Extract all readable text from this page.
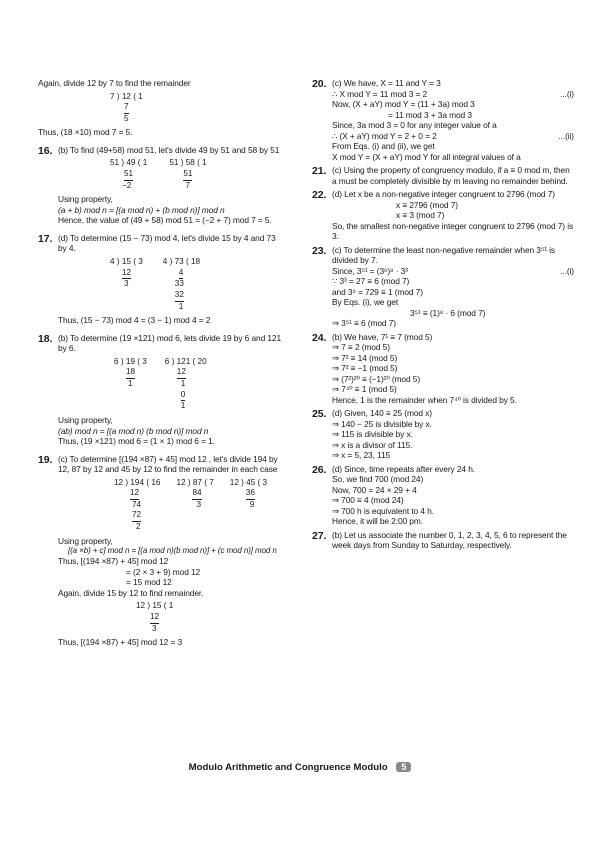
Again, divide 12 by 7 to find the remainder
7 ) 12 ( 1
7
5
Thus, (18 ×10) mod 7 = 5.
16. (b) To find (49+58) mod 51, let's divide 49 by 51 and 58 by 51
51 ) 49 ( 1
51
−2
51 ) 58 ( 1
51
7
Using property,
(a + b) mod n = [(a mod n) + (b mod n)] mod n
Hence, the value of (49 + 58) mod 51 = (−2 + 7) mod 7 = 5.
17. (d) To determine (15 − 73) mod 4, let's divide 15 by 4 and 73
by 4.
4 ) 15 ( 3
12
3
4 ) 73 ( 18
4
33
32
1
Thus, (15 − 73) mod 4 = (3 − 1) mod 4 = 2
18. (b) To determine (19 ×121) mod 6, lets divide 19 by 6 and 121
by 6.
6 ) 19 ( 3
18
1
6 ) 121 ( 20
12
1
0
1
Using property,
(ab) mod n = [(a mod n) (b mod n)] mod n
Thus, (19 ×121) mod 6 = (1 × 1) mod 6 = 1.
19. (c) To determine [(194 ×87) + 45] mod 12 , let's divide 194 by
12, 87 by 12 and 45 by 12 to find the remainder in each case
12 ) 194 ( 16
12
74
72
2
12 ) 87 ( 7
84
3
12 ) 45 ( 3
36
9
Using property,
[(a ×b) + c] mod n = [(a mod n)(b mod n)] + (c mod n)] mod n
Thus, [(194 ×87) + 45] mod 12
= (2 × 3 + 9) mod 12
= 15 mod 12
Again, divide 15 by 12 to find remainder.
12 ) 15 ( 1
12
3
Thus, [(194 ×87) + 45] mod 12 = 3
20. (c) We have, X = 11 and Y = 3
∴ X mod Y = 11 mod 3 = 2	...(i)
Now, (X + aY) mod Y = (11 + 3a) mod 3
= 11 mod 3 + 3a mod 3
Since, 3a mod 3 = 0 for any integer value of a
∴ (X + aY) mod Y = 2 + 0 = 2	...(ii)
From Eqs. (i) and (ii), we get
X mod Y = (X + aY) mod Y for all integral values of a
21. (c) Using the property of congruency modulo, if a ≡ 0 mod m, then a must be completely divisible by m leaving no remainder behind.
22. (d) Let x be a non-negative integer congruent to 2796 (mod 7)
x ≡ 2796 (mod 7)
x ≡ 3 (mod 7)
So, the smallest non-negative integer congruent to 2796 (mod 7) is 3.
23. (c) To determine the least non-negative remainder when 3⁵¹ is divided by 7.
Since, 3⁵¹ = (3⁶)⁸ · 3³	...(i)
∵ 3³ = 27 ≡ 6 (mod 7)
and 3⁶ = 729 ≡ 1 (mod 7)
By Eqs. (i), we get
3⁵¹ ≡ (1)⁸ · 6 (mod 7)
⇒ 3⁵¹ ≡ 6 (mod 7)
24. (b) We have, 7¹ ≡ 7 (mod 5)
⇒ 7 ≡ 2 (mod 5)
⇒ 7² ≡ 14 (mod 5)
⇒ 7² ≡ −1 (mod 5)
⇒ (7²)²⁰ ≡ (−1)²⁰ (mod 5)
⇒ 7⁴⁰ ≡ 1 (mod 5)
Hence, 1 is the remainder when 7⁴⁰ is divided by 5.
25. (d) Given, 140 ≡ 25 (mod x)
⇒ 140 − 25 is divisible by x.
⇒ 115 is divisible by x.
⇒ x is a divisor of 115.
⇒ x = 5, 23, 115
26. (d) Since, time repeats after every 24 h.
So, we find 700 (mod 24)
Now, 700 = 24 × 29 + 4
⇒ 700 ≡ 4 (mod 24)
⇒ 700 h is equivalent to 4 h.
Hence, it will be 2:00 pm.
27. (b) Let us associate the number 0, 1, 2, 3, 4, 5, 6 to represent the week days from Sunday to Saturday, respectively.
Modulo Arithmetic and Congruence Modulo 5
